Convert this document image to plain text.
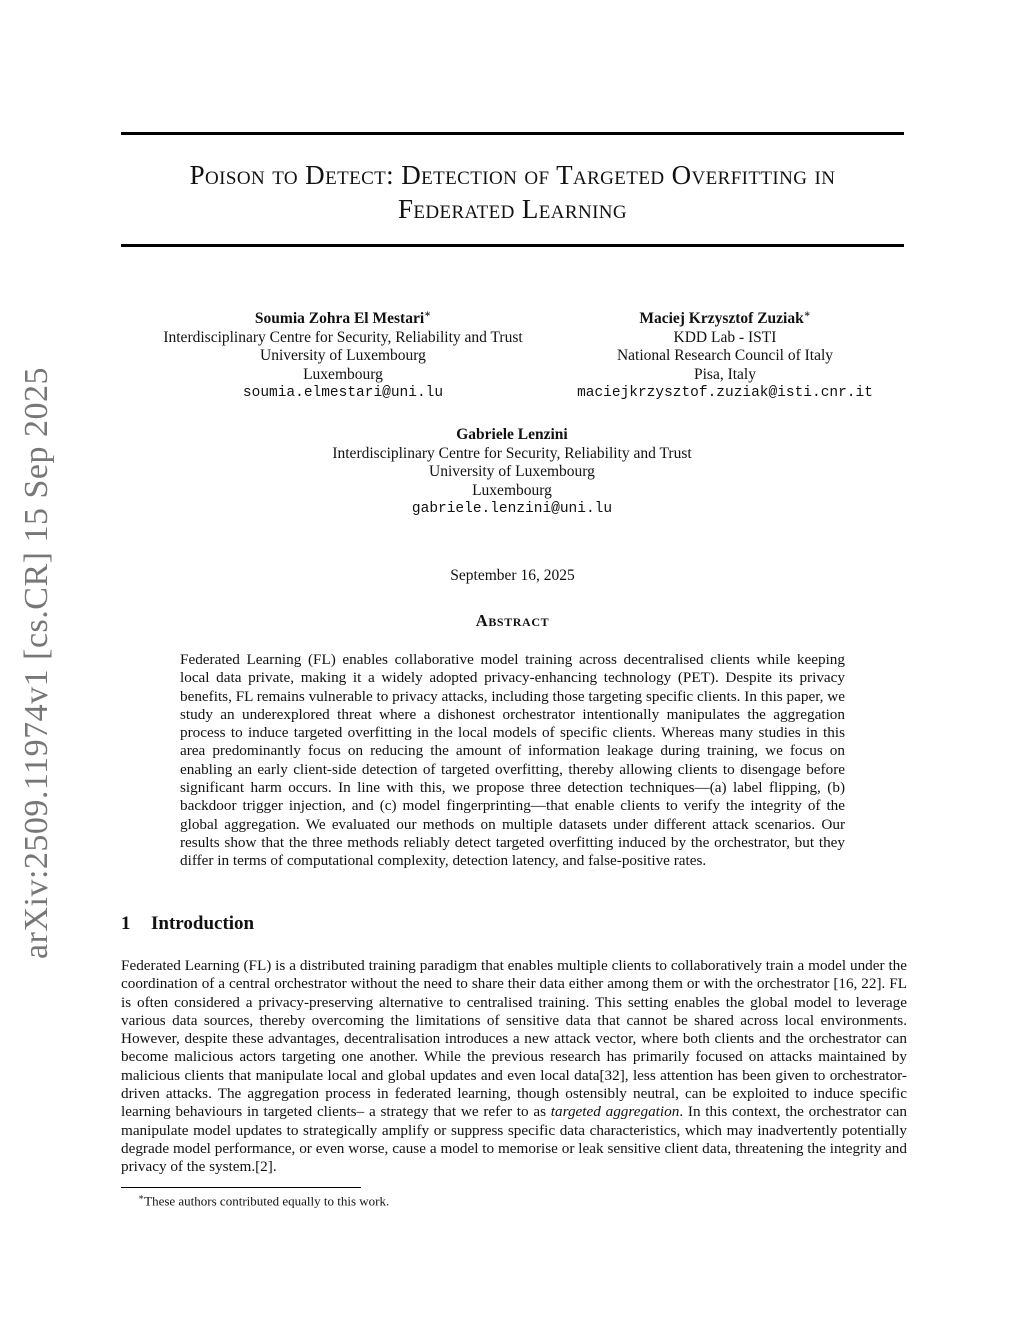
arXiv:2509.11974v1 [cs.CR] 15 Sep 2025
Poison to Detect: Detection of Targeted Overfitting in
Federated Learning
Soumia Zohra El Mestari∗
Interdisciplinary Centre for Security, Reliability and Trust
University of Luxembourg
Luxembourg
soumia.elmestari@uni.lu
Maciej Krzysztof Zuziak∗
KDD Lab - ISTI
National Research Council of Italy
Pisa, Italy
maciejkrzysztof.zuziak@isti.cnr.it
Gabriele Lenzini
Interdisciplinary Centre for Security, Reliability and Trust
University of Luxembourg
Luxembourg
gabriele.lenzini@uni.lu
September 16, 2025
Abstract

Federated Learning (FL) enables collaborative model training across decentralised clients while keeping local data private, making it a widely adopted privacy-enhancing technology (PET). Despite its privacy benefits, FL remains vulnerable to privacy attacks, including those targeting specific clients. In this paper, we study an underexplored threat where a dishonest orchestrator intentionally manipulates the aggregation process to induce targeted overfitting in the local models of specific clients. Whereas many studies in this area predominantly focus on reducing the amount of information leakage during training, we focus on enabling an early client-side detection of targeted overfitting, thereby allowing clients to disengage before significant harm occurs. In line with this, we propose three detection techniques—(a) label flipping, (b) backdoor trigger injection, and (c) model fingerprinting—that enable clients to verify the integrity of the global aggregation. We evaluated our methods on multiple datasets under different attack scenarios. Our results show that the three methods reliably detect targeted overfitting induced by the orchestrator, but they differ in terms of computational complexity, detection latency, and false-positive rates.

1 Introduction

Federated Learning (FL) is a distributed training paradigm that enables multiple clients to collaboratively train a model under the coordination of a central orchestrator without the need to share their data either among them or with the orchestrator [16, 22]. FL is often considered a privacy-preserving alternative to centralised training. This setting enables the global model to leverage various data sources, thereby overcoming the limitations of sensitive data that cannot be shared across local environments. However, despite these advantages, decentralisation introduces a new attack vector, where both clients and the orchestrator can become malicious actors targeting one another. While the previous research has primarily focused on attacks maintained by malicious clients that manipulate local and global updates and even local data[32], less attention has been given to orchestrator-driven attacks. The aggregation process in federated learning, though ostensibly neutral, can be exploited to induce specific learning behaviours in targeted clients– a strategy that we refer to as targeted aggregation. In this context, the orchestrator can manipulate model updates to strategically amplify or suppress specific data characteristics, which may inadvertently potentially degrade model performance, or even worse, cause a model to memorise or leak sensitive client data, threatening the integrity and privacy of the system.[2].

∗These authors contributed equally to this work.
